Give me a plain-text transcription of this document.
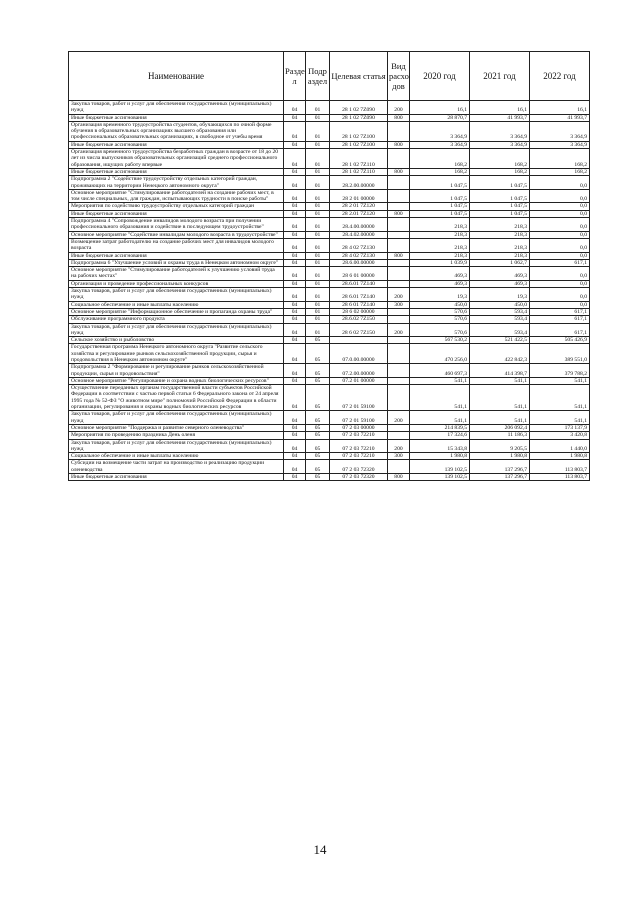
Наименование	Разде л	Подр аздел	Целевая статья	Вид расхо дов	2020 год	2021 год	2022 год
Закупка товаров, работ и услуг для обеспечения государственных (муниципальных) нужд	04	01	28 1 02 7Z090	200	16,1	16,1	16,1
Иные бюджетные ассигнования	04	01	28 1 02 7Z090	800	28 870,7	41 993,7	41 993,7
Организация временного трудоустройства студентов, обучающихся по очной форме обучения в образовательных организациях высшего образования или профессиональных образовательных организациях, в свободное от учебы время	04	01	28 1 02 7Z100		3 364,9	3 364,9	3 364,9
Иные бюджетные ассигнования	04	01	28 1 02 7Z100	800	3 364,9	3 364,9	3 364,9
Организация временного трудоустройства безработных граждан в возрасте от 18 до 20 лет из числа выпускников образовательных организаций среднего профессионального образования, ищущих работу впервые	04	01	28 1 02 7Z110		168,2	168,2	168,2
Иные бюджетные ассигнования	04	01	28 1 02 7Z110	800	168,2	168,2	168,2
Подпрограмма 2 "Содействие трудоустройству отдельных категорий граждан, проживающих на территории Ненецкого автономного округа"	04	01	28.2.00.00000		1 047,5	1 047,5	0,0
Основное мероприятие "Стимулирование работодателей на создание рабочих мест, в том числе специальных, для граждан, испытывающих трудности в поиске работы"	04	01	28 2 01 00000		1 047,5	1 047,5	0,0
Мероприятия по содействию трудоустройству отдельных категорий граждан	04	01	28 2 01 7Z120		1 047,5	1 047,5	0,0
Иные бюджетные ассигнования	04	01	28 2.01 7Z120	800	1 047,5	1 047,5	0,0
Подпрограмма 4 "Сопровождение инвалидов молодого возраста при получении профессионального образования и содействие в последующем трудоустройстве"	04	01	28.4.00.00000		218,3	218,3	0,0
Основное мероприятие "Содействие инвалидам молодого возраста в трудоустройстве"	04	01	28.4.02.00000		218,3	218,3	0,0
Возмещение затрат работодателю на создание рабочих мест для инвалидов молодого возраста	04	01	28 4 02 7Z130		218,3	218,3	0,0
Иные бюджетные ассигнования	04	01	28 4 02 7Z130	800	218,3	218,3	0,0
Подпрограмма 6 "Улучшение условий и охраны труда в Ненецком автономном округе"	04	01	28.6.00.00000		1 039,9	1 062,7	617,1
Основное мероприятие "Стимулирование работодателей к улучшению условий труда на рабочих местах"	04	01	28 6 01 00000		469,3	469,3	0,0
Организация и проведение профессиональных конкурсов	04	01	28.6.01 7Z140		469,3	469,3	0,0
Закупка товаров, работ и услуг для обеспечения государственных (муниципальных) нужд	04	01	28 6.01 7Z140	200	19,3	19,3	0,0
Социальное обеспечение и иные выплаты населению	04	01	28 6 01 7Z140	300	450,0	450,0	0,0
Основное мероприятие "Информационное обеспечение и пропаганда охраны труда"	04	01	28 6 02 00000		570,6	593,4	617,1
Обслуживание программного продукта	04	01	28.6.02 7Z150		570,6	593,4	617,1
Закупка товаров, работ и услуг для обеспечения государственных (муниципальных) нужд	04	01	28 6 02 7Z150	200	570,6	593,4	617,1
Сельское хозяйство и рыболовство	04	05			567 530,2	521 422,5	505 426,9
Государственная программа Ненецкого автономного округа "Развитие сельского хозяйства и регулирование рынков сельскохозяйственной продукции, сырья и продовольствия в Ненецком автономном округе"	04	05	07.0.00.00000		470 256,0	422 842,3	389 551,0
Подпрограмма 2 "Формирование и регулирование рынков сельскохозяйственной продукции, сырья и продовольствия"	04	05	07.2.00.00000		460 697,3	414 398,7	379 788,2
Основное мероприятие "Регулирование и охрана водных биологических ресурсов"	04	05	07.2 01 00000		541,1	541,1	541,1
Осуществление переданных органам государственной власти субъектов Российской Федерации в соответствии с частью первой статьи 6 Федерального закона от 24 апреля 1995 года № 52-ФЗ "О животном мире" полномочий Российской Федерации в области организации, регулирования и охраны водных биологических ресурсов	04	05	07 2 01 59100		541,1	541,1	541,1
Закупка товаров, работ и услуг для обеспечения государственных (муниципальных) нужд	04	05	07 2 01 59100	200	541,1	541,1	541,1
Основное мероприятие "Поддержка и развитие северного оленеводства"	04	05	07 2 03 00000		214 839,5	206 092,4	173 137,9
Мероприятия по проведению праздника День оленя	04	05	07 2 03 72210		17 324,6	11 186,3	3 420,8
Закупка товаров, работ и услуг для обеспечения государственных (муниципальных) нужд	04	05	07 2 03 72210	200	15 343,8	9 205,5	1 440,0
Социальное обеспечение и иные выплаты населению	04	05	07 2 03 72210	300	1 980,8	1 980,8	1 980,8
Субсидии на возмещение части затрат на производство и реализацию продукции оленеводства	04	05	07 2 03 72320		139 102,5	137 296,7	113 803,7
Иные бюджетные ассигнования	04	05	07 2 03 72320	800	139 102,5	137 296,7	113 803,7
14
